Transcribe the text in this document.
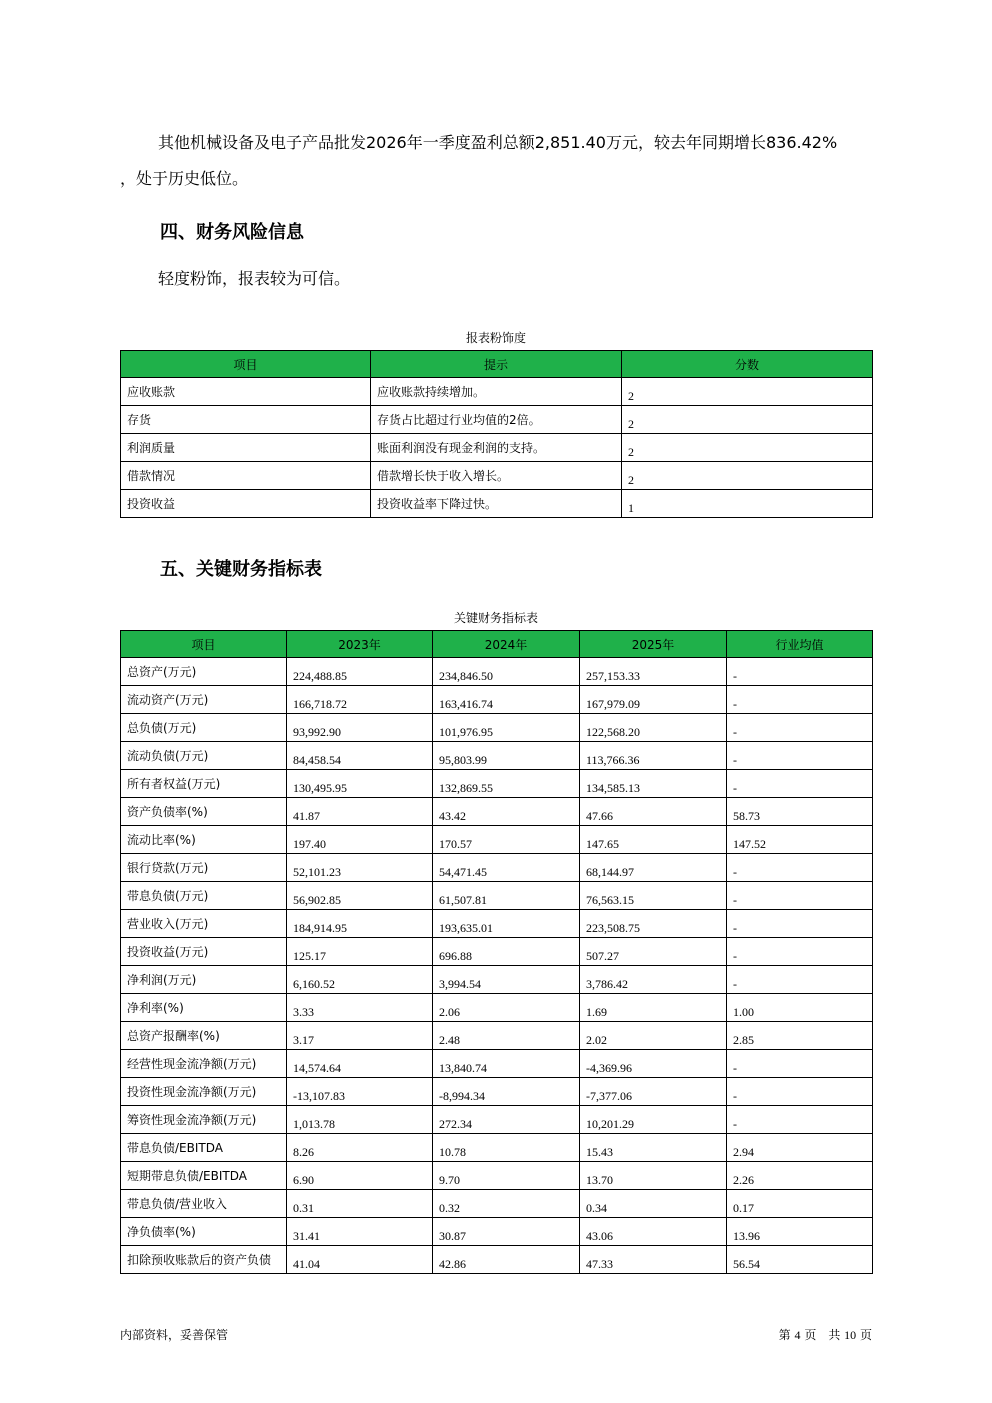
其他机械设备及电子产品批发2026年一季度盈利总额2,851.40万元，较去年同期增长836.42%
，处于历史低位。
四、财务风险信息
轻度粉饰，报表较为可信。
报表粉饰度
项目	提示	分数
应收账款	应收账款持续增加。	2
存货	存货占比超过行业均值的2倍。	2
利润质量	账面利润没有现金利润的支持。	2
借款情况	借款增长快于收入增长。	2
投资收益	投资收益率下降过快。	1
五、关键财务指标表
关键财务指标表
项目	2023年	2024年	2025年	行业均值
总资产(万元)	224,488.85	234,846.50	257,153.33	-
流动资产(万元)	166,718.72	163,416.74	167,979.09	-
总负债(万元)	93,992.90	101,976.95	122,568.20	-
流动负债(万元)	84,458.54	95,803.99	113,766.36	-
所有者权益(万元)	130,495.95	132,869.55	134,585.13	-
资产负债率(%)	41.87	43.42	47.66	58.73
流动比率(%)	197.40	170.57	147.65	147.52
银行贷款(万元)	52,101.23	54,471.45	68,144.97	-
带息负债(万元)	56,902.85	61,507.81	76,563.15	-
营业收入(万元)	184,914.95	193,635.01	223,508.75	-
投资收益(万元)	125.17	696.88	507.27	-
净利润(万元)	6,160.52	3,994.54	3,786.42	-
净利率(%)	3.33	2.06	1.69	1.00
总资产报酬率(%)	3.17	2.48	2.02	2.85
经营性现金流净额(万元)	14,574.64	13,840.74	-4,369.96	-
投资性现金流净额(万元)	-13,107.83	-8,994.34	-7,377.06	-
筹资性现金流净额(万元)	1,013.78	272.34	10,201.29	-
带息负债/EBITDA	8.26	10.78	15.43	2.94
短期带息负债/EBITDA	6.90	9.70	13.70	2.26
带息负债/营业收入	0.31	0.32	0.34	0.17
净负债率(%)	31.41	30.87	43.06	13.96
扣除预收账款后的资产负债	41.04	42.86	47.33	56.54
内部资料，妥善保管	第 4 页　共 10 页
